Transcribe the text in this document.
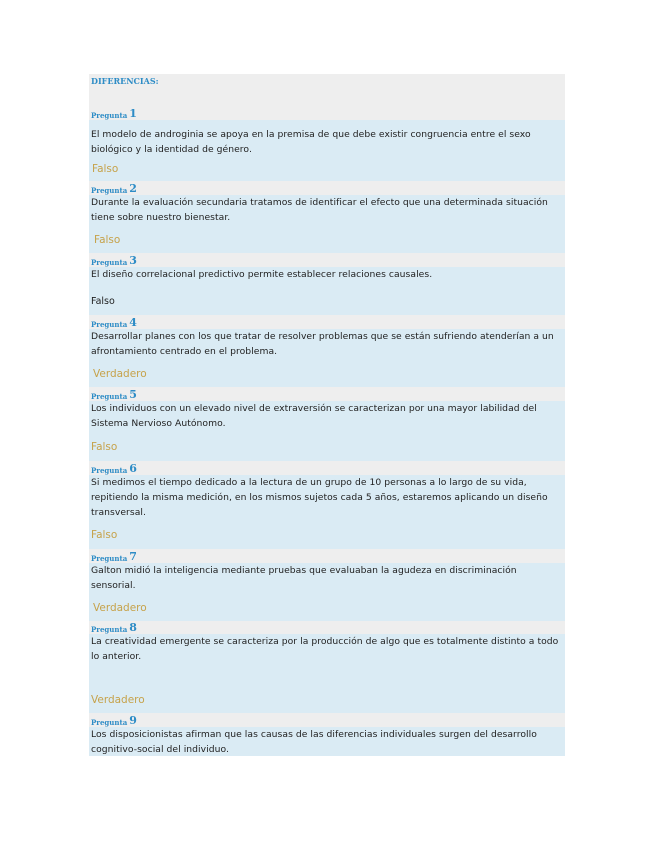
DIFERENCIAS:
Pregunta 1
El modelo de androginia se apoya en la premisa de que debe existir congruencia entre el sexo biológico y la identidad de género.
Falso
Pregunta 2
Durante la evaluación secundaria tratamos de identificar el efecto que una determinada situación tiene sobre nuestro bienestar.
Falso
Pregunta 3
El diseño correlacional predictivo permite establecer relaciones causales.
Falso
Pregunta 4
Desarrollar planes con los que tratar de resolver problemas que se están sufriendo atenderían a un afrontamiento centrado en el problema.
Verdadero
Pregunta 5
Los individuos con un elevado nivel de extraversión se caracterizan por una mayor labilidad del Sistema Nervioso Autónomo.
Falso
Pregunta 6
Si medimos el tiempo dedicado a la lectura de un grupo de 10 personas a lo largo de su vida, repitiendo la misma medición, en los mismos sujetos cada 5 años, estaremos aplicando un diseño transversal.
Falso
Pregunta 7
Galton midió la inteligencia mediante pruebas que evaluaban la agudeza en discriminación sensorial.
Verdadero
Pregunta 8
La creatividad emergente se caracteriza por la producción de algo que es totalmente distinto a todo lo anterior.
Verdadero
Pregunta 9
Los disposicionistas afirman que las causas de las diferencias individuales surgen del desarrollo cognitivo-social del individuo.
